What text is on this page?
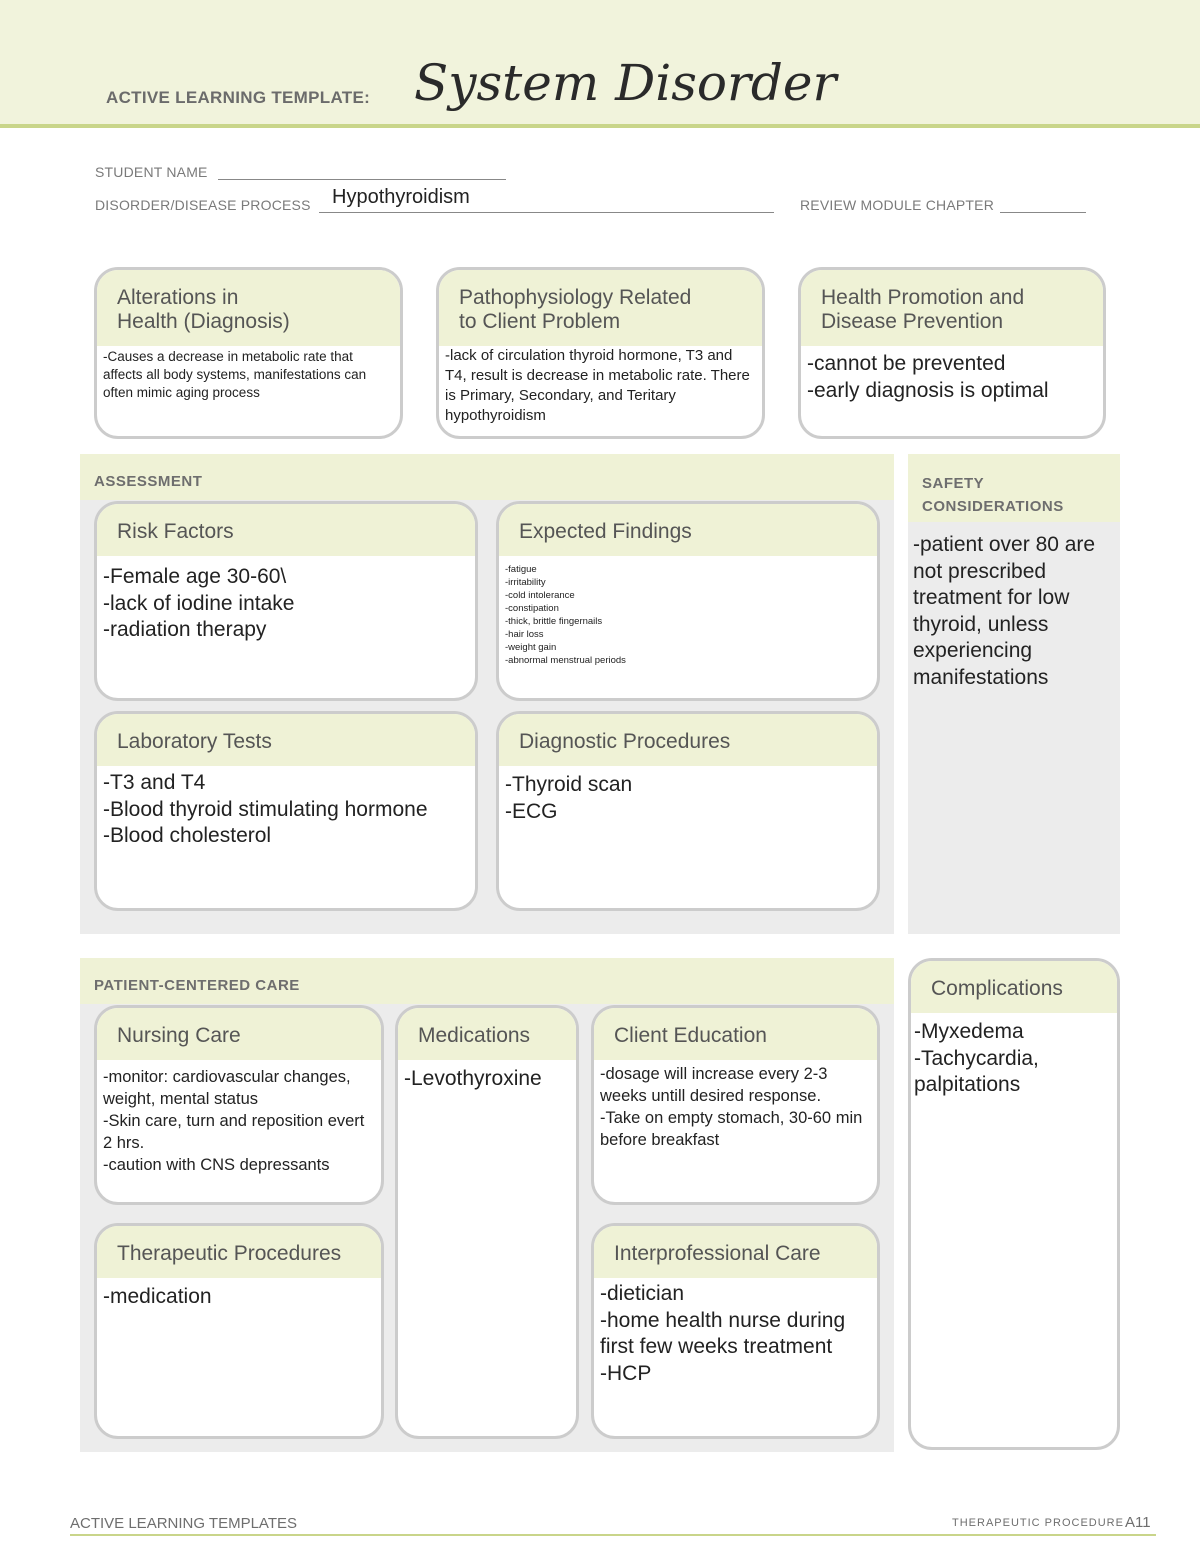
ACTIVE LEARNING TEMPLATE: System Disorder
STUDENT NAME
DISORDER/DISEASE PROCESS	Hypothyroidism	REVIEW MODULE CHAPTER
Alterations in
Health (Diagnosis)
-Causes a decrease in metabolic rate that affects all body systems, manifestations can often mimic aging process
Pathophysiology Related
to Client Problem
-lack of circulation thyroid hormone, T3 and T4, result is decrease in metabolic rate. There is Primary, Secondary, and Teritary hypothyroidism
Health Promotion and
Disease Prevention
-cannot be prevented
-early diagnosis is optimal
ASSESSMENT
Risk Factors
-Female age 30-60\
-lack of iodine intake
-radiation therapy
Expected Findings
-fatigue
-irritability
-cold intolerance
-constipation
-thick, brittle fingernails
-hair loss
-weight gain
-abnormal menstrual periods
Laboratory Tests
-T3 and T4
-Blood thyroid stimulating hormone
-Blood cholesterol
Diagnostic Procedures
-Thyroid scan
-ECG
SAFETY
CONSIDERATIONS
-patient over 80 are not prescribed treatment for low thyroid, unless experiencing manifestations
PATIENT-CENTERED CARE
Nursing Care
-monitor: cardiovascular changes, weight, mental status
-Skin care, turn and reposition evert 2 hrs.
-caution with CNS depressants
Medications
-Levothyroxine
Client Education
-dosage will increase every 2-3 weeks untill desired response.
-Take on empty stomach, 30-60 min before breakfast
Therapeutic Procedures
-medication
Interprofessional Care
-dietician
-home health nurse during first few weeks treatment
-HCP
Complications
-Myxedema
-Tachycardia, palpitations
ACTIVE LEARNING TEMPLATES	THERAPEUTIC PROCEDURE A11
